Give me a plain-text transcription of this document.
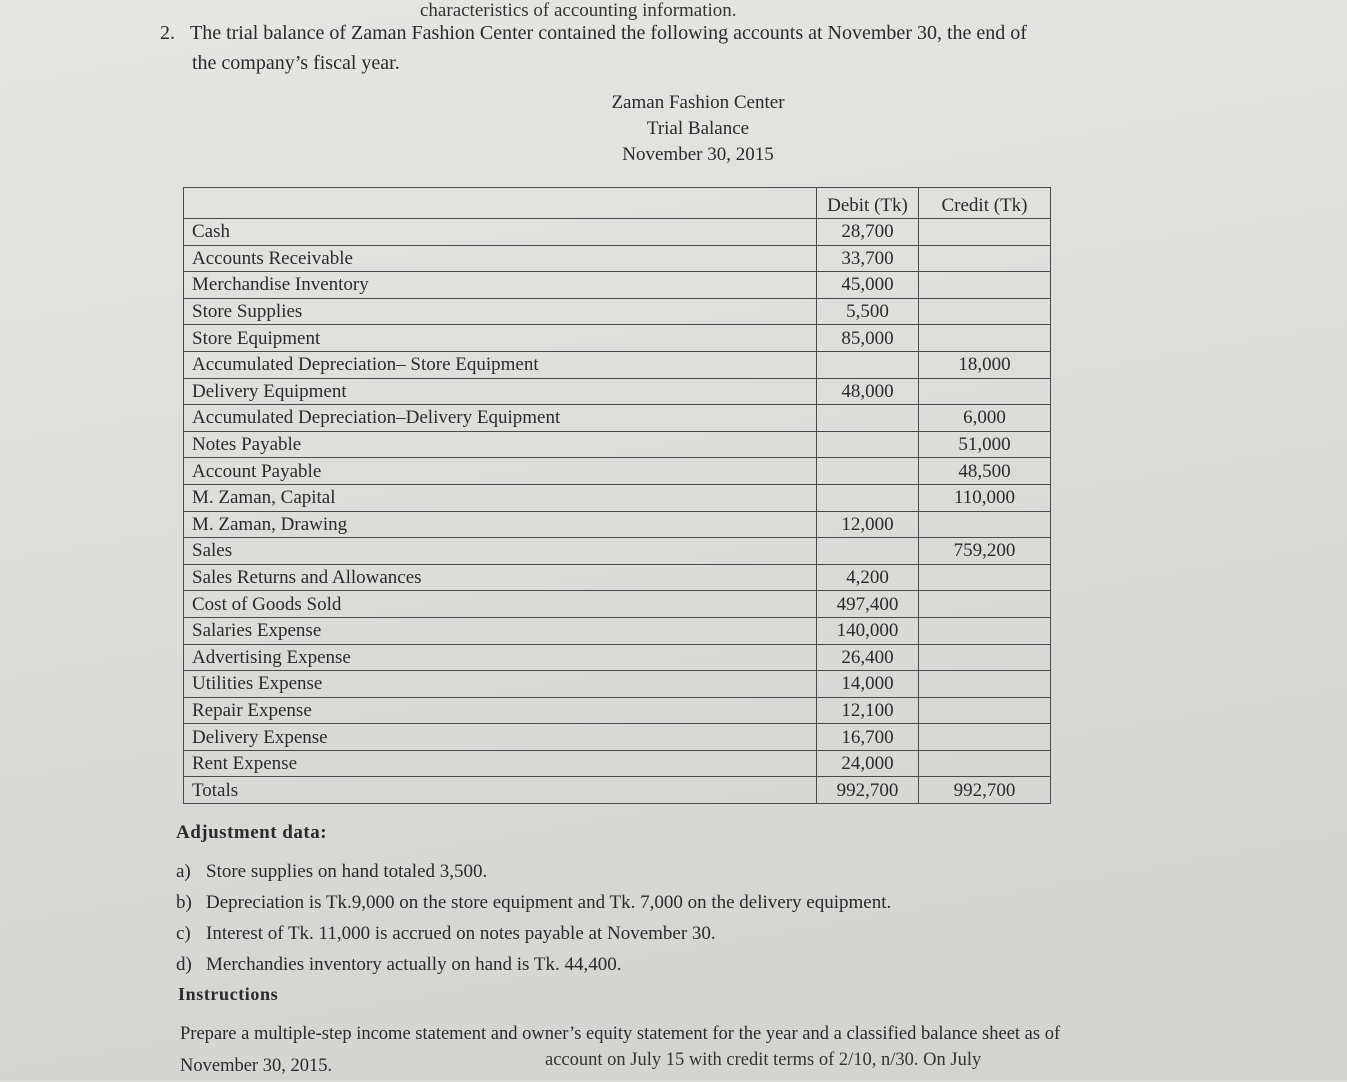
characteristics of accounting information.
2. The trial balance of Zaman Fashion Center contained the following accounts at November 30, the end of
the company’s fiscal year.
Zaman Fashion Center
Trial Balance
November 30, 2015
	Debit (Tk)	Credit (Tk)
Cash	28,700	
Accounts Receivable	33,700	
Merchandise Inventory	45,000	
Store Supplies	5,500	
Store Equipment	85,000	
Accumulated Depreciation– Store Equipment		18,000
Delivery Equipment	48,000	
Accumulated Depreciation–Delivery Equipment		6,000
Notes Payable		51,000
Account Payable		48,500
M. Zaman, Capital		110,000
M. Zaman, Drawing	12,000	
Sales		759,200
Sales Returns and Allowances	4,200	
Cost of Goods Sold	497,400	
Salaries Expense	140,000	
Advertising Expense	26,400	
Utilities Expense	14,000	
Repair Expense	12,100	
Delivery Expense	16,700	
Rent Expense	24,000	
Totals	992,700	992,700
Adjustment data:
a) Store supplies on hand totaled 3,500.
b) Depreciation is Tk.9,000 on the store equipment and Tk. 7,000 on the delivery equipment.
c) Interest of Tk. 11,000 is accrued on notes payable at November 30.
d) Merchandies inventory actually on hand is Tk. 44,400.
Instructions
Prepare a multiple-step income statement and owner’s equity statement for the year and a classified balance sheet as of November 30, 2015.	account on July 15 with credit terms of 2/10, n/30. On July
